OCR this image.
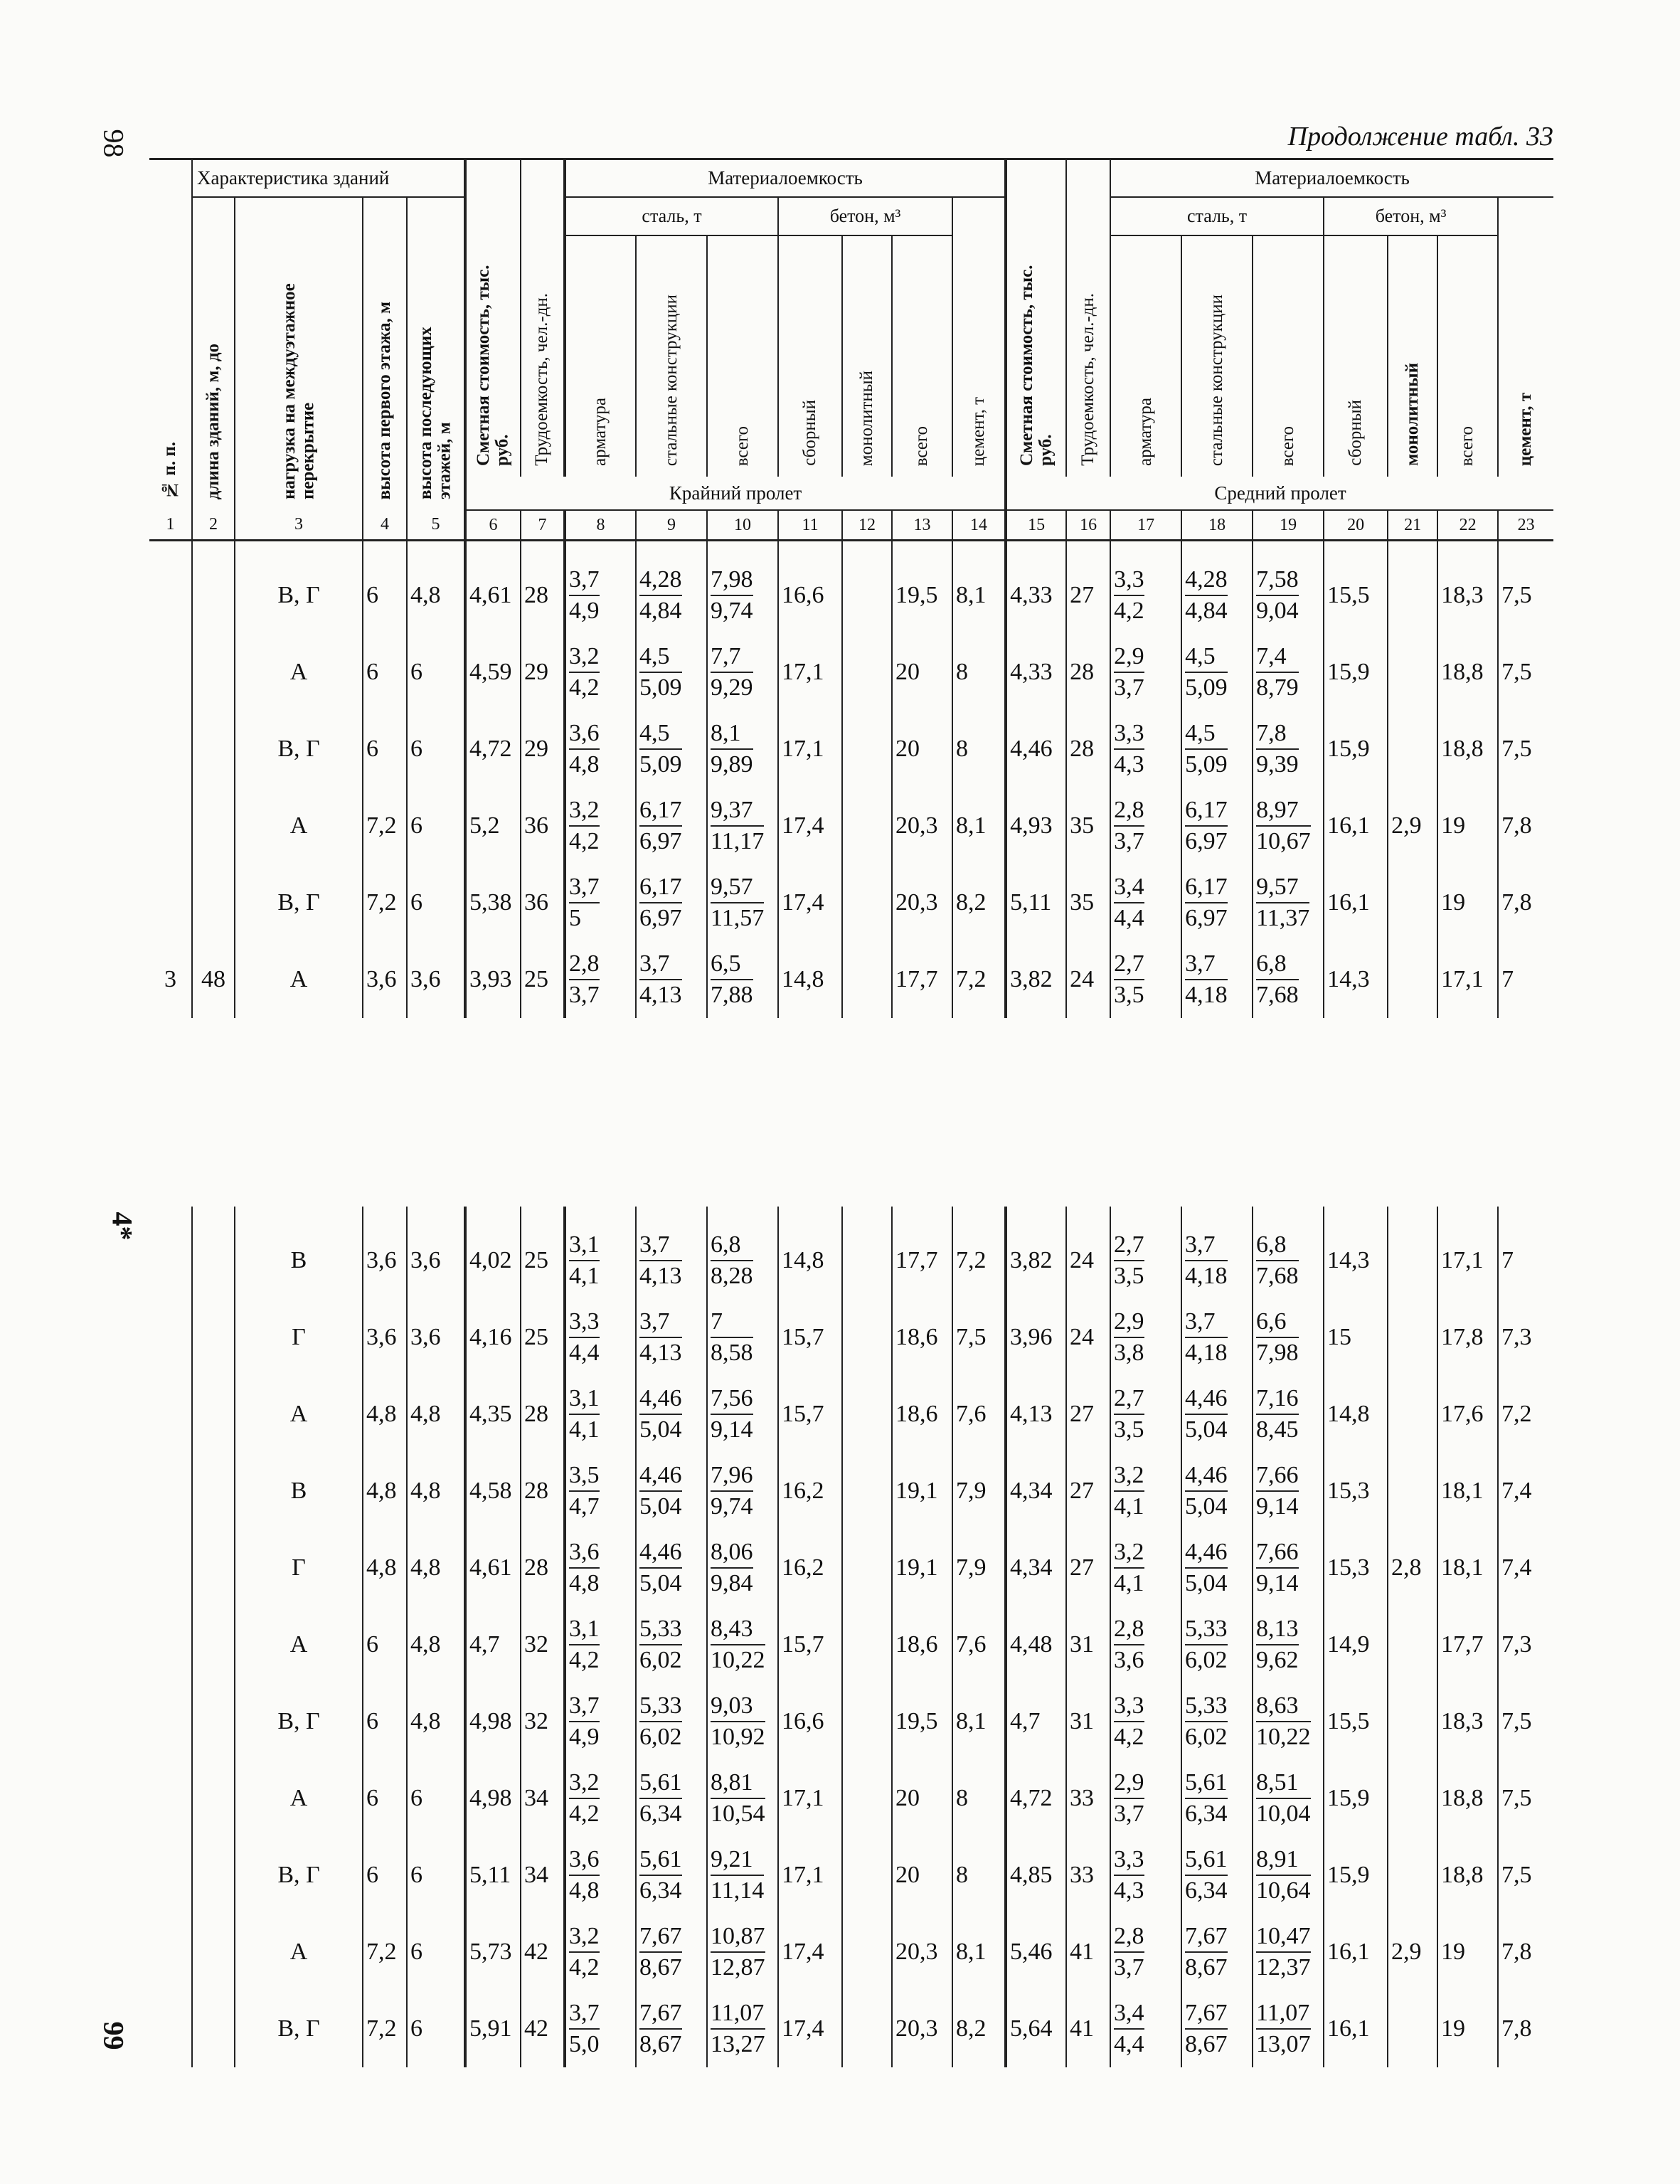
98
4*
99
Продолжение табл. 33
№ п. п.	Характеристика зданий				Сметная стоимость, тыс. руб.	Трудоемкость, чел.-дн.	Материалоемкость							Сметная стоимость, тыс. руб.	Трудоемкость, чел.-дн.	Материалоемкость						
	длина зданий, м, до	нагрузка на междуэтажное перекрытие	высота первого этажа, м	высота последующих этажей, м			сталь, т			бетон, м³			цемент, т			сталь, т			бетон, м³			цемент, т
							арматура	стальные конструкции	всего	сборный	монолитный	всего				арматура	стальные конструкции	всего	сборный	монолитный	всего	
					Крайний пролет									Средний пролет								
1	2	3	4	5	6	7	8	9	10	11	12	13	14	15	16	17	18	19	20	21	22	23
		В, Г	6	4,8	4,61	28	$\frac{3,7}{4,9}$	$\frac{4,28}{4,84}$	$\frac{7,98}{9,74}$	16,6		19,5	8,1	4,33	27	$\frac{3,3}{4,2}$	$\frac{4,28}{4,84}$	$\frac{7,58}{9,04}$	15,5		18,3	7,5
		А	6	6	4,59	29	$\frac{3,2}{4,2}$	$\frac{4,5}{5,09}$	$\frac{7,7}{9,29}$	17,1		20	8	4,33	28	$\frac{2,9}{3,7}$	$\frac{4,5}{5,09}$	$\frac{7,4}{8,79}$	15,9		18,8	7,5
		В, Г	6	6	4,72	29	$\frac{3,6}{4,8}$	$\frac{4,5}{5,09}$	$\frac{8,1}{9,89}$	17,1		20	8	4,46	28	$\frac{3,3}{4,3}$	$\frac{4,5}{5,09}$	$\frac{7,8}{9,39}$	15,9		18,8	7,5
		А	7,2	6	5,2	36	$\frac{3,2}{4,2}$	$\frac{6,17}{6,97}$	$\frac{9,37}{11,17}$	17,4		20,3	8,1	4,93	35	$\frac{2,8}{3,7}$	$\frac{6,17}{6,97}$	$\frac{8,97}{10,67}$	16,1	2,9	19	7,8
		В, Г	7,2	6	5,38	36	$\frac{3,7}{5}$	$\frac{6,17}{6,97}$	$\frac{9,57}{11,57}$	17,4		20,3	8,2	5,11	35	$\frac{3,4}{4,4}$	$\frac{6,17}{6,97}$	$\frac{9,57}{11,37}$	16,1		19	7,8
3	48	А	3,6	3,6	3,93	25	$\frac{2,8}{3,7}$	$\frac{3,7}{4,13}$	$\frac{6,5}{7,88}$	14,8		17,7	7,2	3,82	24	$\frac{2,7}{3,5}$	$\frac{3,7}{4,18}$	$\frac{6,8}{7,68}$	14,3		17,1	7
		В	3,6	3,6	4,02	25	$\frac{3,1}{4,1}$	$\frac{3,7}{4,13}$	$\frac{6,8}{8,28}$	14,8		17,7	7,2	3,82	24	$\frac{2,7}{3,5}$	$\frac{3,7}{4,18}$	$\frac{6,8}{7,68}$	14,3		17,1	7
		Г	3,6	3,6	4,16	25	$\frac{3,3}{4,4}$	$\frac{3,7}{4,13}$	$\frac{7}{8,58}$	15,7		18,6	7,5	3,96	24	$\frac{2,9}{3,8}$	$\frac{3,7}{4,18}$	$\frac{6,6}{7,98}$	15		17,8	7,3
		А	4,8	4,8	4,35	28	$\frac{3,1}{4,1}$	$\frac{4,46}{5,04}$	$\frac{7,56}{9,14}$	15,7		18,6	7,6	4,13	27	$\frac{2,7}{3,5}$	$\frac{4,46}{5,04}$	$\frac{7,16}{8,45}$	14,8		17,6	7,2
		В	4,8	4,8	4,58	28	$\frac{3,5}{4,7}$	$\frac{4,46}{5,04}$	$\frac{7,96}{9,74}$	16,2		19,1	7,9	4,34	27	$\frac{3,2}{4,1}$	$\frac{4,46}{5,04}$	$\frac{7,66}{9,14}$	15,3		18,1	7,4
		Г	4,8	4,8	4,61	28	$\frac{3,6}{4,8}$	$\frac{4,46}{5,04}$	$\frac{8,06}{9,84}$	16,2		19,1	7,9	4,34	27	$\frac{3,2}{4,1}$	$\frac{4,46}{5,04}$	$\frac{7,66}{9,14}$	15,3	2,8	18,1	7,4
		А	6	4,8	4,7	32	$\frac{3,1}{4,2}$	$\frac{5,33}{6,02}$	$\frac{8,43}{10,22}$	15,7		18,6	7,6	4,48	31	$\frac{2,8}{3,6}$	$\frac{5,33}{6,02}$	$\frac{8,13}{9,62}$	14,9		17,7	7,3
		В, Г	6	4,8	4,98	32	$\frac{3,7}{4,9}$	$\frac{5,33}{6,02}$	$\frac{9,03}{10,92}$	16,6		19,5	8,1	4,7	31	$\frac{3,3}{4,2}$	$\frac{5,33}{6,02}$	$\frac{8,63}{10,22}$	15,5		18,3	7,5
		А	6	6	4,98	34	$\frac{3,2}{4,2}$	$\frac{5,61}{6,34}$	$\frac{8,81}{10,54}$	17,1		20	8	4,72	33	$\frac{2,9}{3,7}$	$\frac{5,61}{6,34}$	$\frac{8,51}{10,04}$	15,9		18,8	7,5
		В, Г	6	6	5,11	34	$\frac{3,6}{4,8}$	$\frac{5,61}{6,34}$	$\frac{9,21}{11,14}$	17,1		20	8	4,85	33	$\frac{3,3}{4,3}$	$\frac{5,61}{6,34}$	$\frac{8,91}{10,64}$	15,9		18,8	7,5
		А	7,2	6	5,73	42	$\frac{3,2}{4,2}$	$\frac{7,67}{8,67}$	$\frac{10,87}{12,87}$	17,4		20,3	8,1	5,46	41	$\frac{2,8}{3,7}$	$\frac{7,67}{8,67}$	$\frac{10,47}{12,37}$	16,1	2,9	19	7,8
		В, Г	7,2	6	5,91	42	$\frac{3,7}{5,0}$	$\frac{7,67}{8,67}$	$\frac{11,07}{13,27}$	17,4		20,3	8,2	5,64	41	$\frac{3,4}{4,4}$	$\frac{7,67}{8,67}$	$\frac{11,07}{13,07}$	16,1		19	7,8
